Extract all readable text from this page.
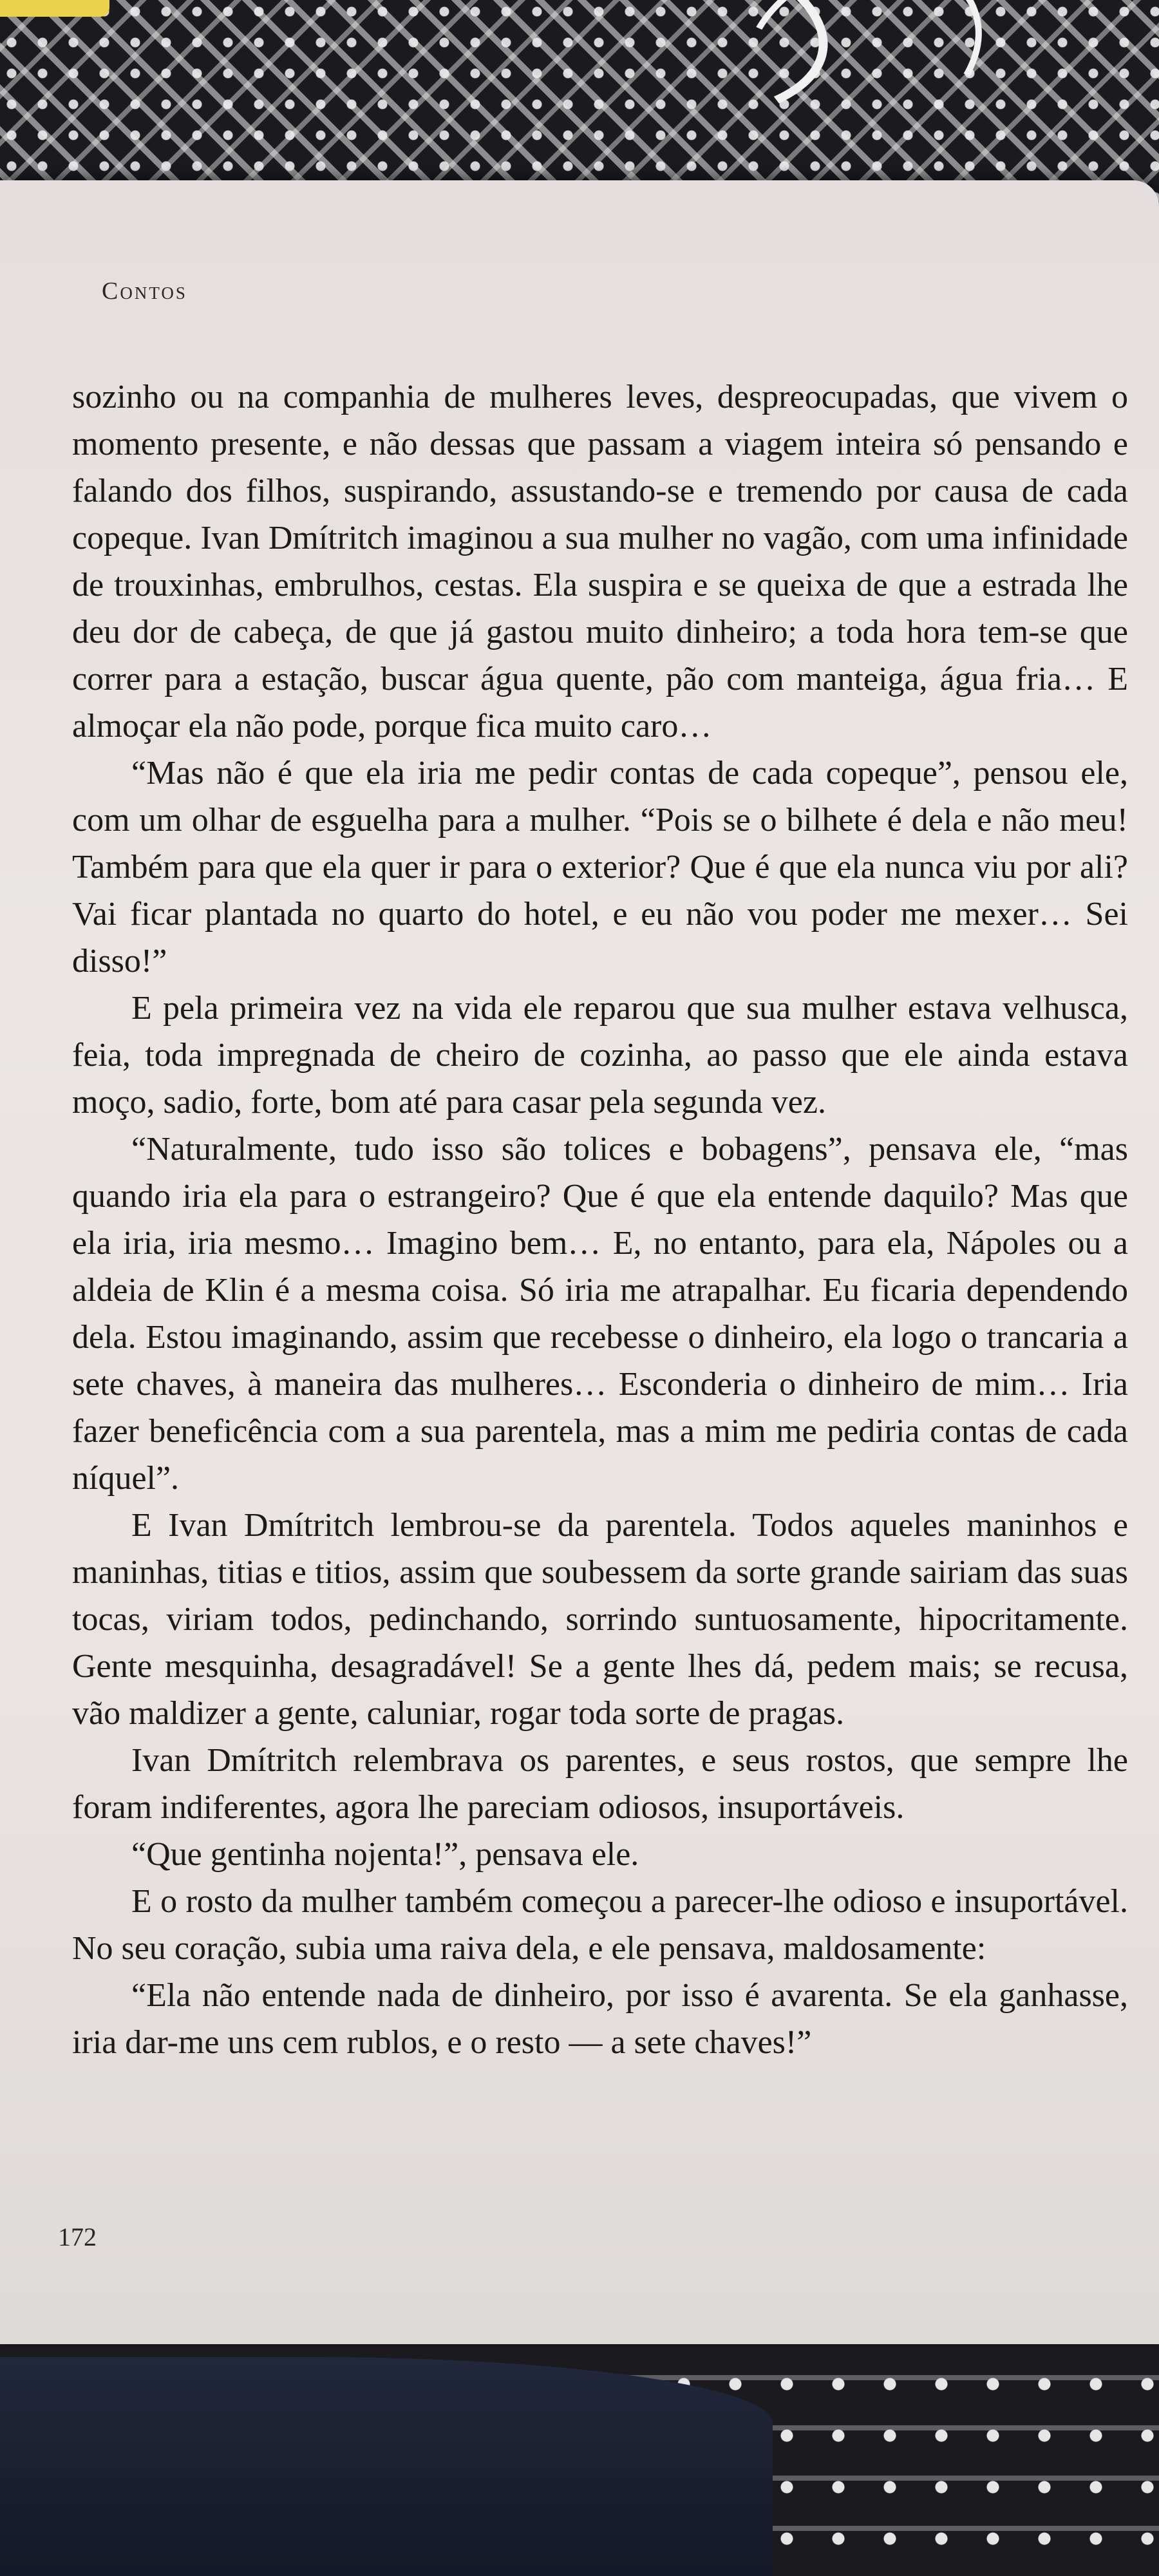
Contos

sozinho ou na companhia de mulheres leves, despreocupadas, que vivem o momento presente, e não dessas que passam a viagem inteira só pensando e falando dos filhos, suspirando, assustando-se e tremendo por causa de cada copeque. Ivan Dmítritch imaginou a sua mulher no vagão, com uma infinidade de trouxinhas, embrulhos, cestas. Ela suspira e se queixa de que a estrada lhe deu dor de cabeça, de que já gastou muito dinheiro; a toda hora tem-se que correr para a estação, buscar água quente, pão com manteiga, água fria… E almoçar ela não pode, porque fica muito caro…

“Mas não é que ela iria me pedir contas de cada copeque”, pensou ele, com um olhar de esguelha para a mulher. “Pois se o bilhete é dela e não meu! Também para que ela quer ir para o exterior? Que é que ela nunca viu por ali? Vai ficar plantada no quarto do hotel, e eu não vou poder me mexer… Sei disso!”

E pela primeira vez na vida ele reparou que sua mulher estava velhusca, feia, toda impregnada de cheiro de cozinha, ao passo que ele ainda estava moço, sadio, forte, bom até para casar pela segunda vez.

“Naturalmente, tudo isso são tolices e bobagens”, pensava ele, “mas quando iria ela para o estrangeiro? Que é que ela entende daquilo? Mas que ela iria, iria mesmo… Imagino bem… E, no entanto, para ela, Nápoles ou a aldeia de Klin é a mesma coisa. Só iria me atrapalhar. Eu ficaria dependendo dela. Estou imaginando, assim que recebesse o dinheiro, ela logo o trancaria a sete chaves, à maneira das mulheres… Esconderia o dinheiro de mim… Iria fazer beneficência com a sua parentela, mas a mim me pediria contas de cada níquel”.

E Ivan Dmítritch lembrou-se da parentela. Todos aqueles maninhos e maninhas, titias e titios, assim que soubessem da sorte grande sairiam das suas tocas, viriam todos, pedinchando, sorrindo suntuosamente, hipocritamente. Gente mesquinha, desagradável! Se a gente lhes dá, pedem mais; se recusa, vão maldizer a gente, caluniar, rogar toda sorte de pragas.

Ivan Dmítritch relembrava os parentes, e seus rostos, que sempre lhe foram indiferentes, agora lhe pareciam odiosos, insuportáveis.

“Que gentinha nojenta!”, pensava ele.

E o rosto da mulher também começou a parecer-lhe odioso e insuportável. No seu coração, subia uma raiva dela, e ele pensava, maldosamente:

“Ela não entende nada de dinheiro, por isso é avarenta. Se ela ganhasse, iria dar-me uns cem rublos, e o resto — a sete chaves!”

172
